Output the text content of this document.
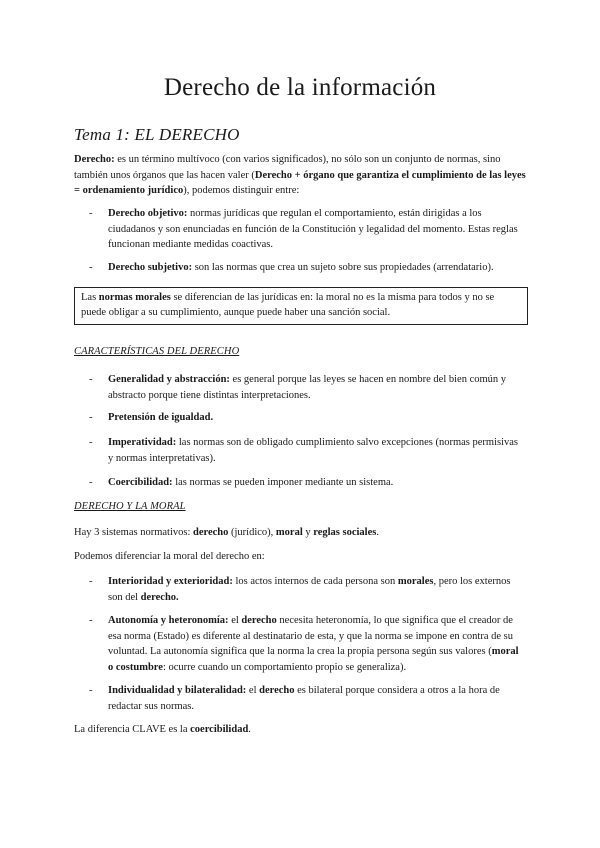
Derecho de la información
Tema 1: EL DERECHO

Derecho: es un término multívoco (con varios significados), no sólo son un conjunto de normas, sino también unos órganos que las hacen valer (Derecho + órgano que garantiza el cumplimiento de las leyes = ordenamiento jurídico), podemos distinguir entre:

- Derecho objetivo: normas jurídicas que regulan el comportamiento, están dirigidas a los ciudadanos y son enunciadas en función de la Constitución y legalidad del momento. Estas reglas funcionan mediante medidas coactivas.
- Derecho subjetivo: son las normas que crea un sujeto sobre sus propiedades (arrendatario).
Las normas morales se diferencian de las jurídicas en: la moral no es la misma para todos y no se puede obligar a su cumplimiento, aunque puede haber una sanción social.
CARACTERÍSTICAS DEL DERECHO
- Generalidad y abstracción: es general porque las leyes se hacen en nombre del bien común y abstracto porque tiene distintas interpretaciones.
- Pretensión de igualdad.
- Imperatividad: las normas son de obligado cumplimiento salvo excepciones (normas permisivas y normas interpretativas).
- Coercibilidad: las normas se pueden imponer mediante un sistema.
DERECHO Y LA MORAL

Hay 3 sistemas normativos: derecho (jurídico), moral y reglas sociales.

Podemos diferenciar la moral del derecho en:

- Interioridad y exterioridad: los actos internos de cada persona son morales, pero los externos son del derecho.
- Autonomía y heteronomía: el derecho necesita heteronomía, lo que significa que el creador de esa norma (Estado) es diferente al destinatario de esta, y que la norma se impone en contra de su voluntad. La autonomía significa que la norma la crea la propia persona según sus valores (moral o costumbre: ocurre cuando un comportamiento propio se generaliza).
- Individualidad y bilateralidad: el derecho es bilateral porque considera a otros a la hora de redactar sus normas.

La diferencia CLAVE es la coercibilidad.
